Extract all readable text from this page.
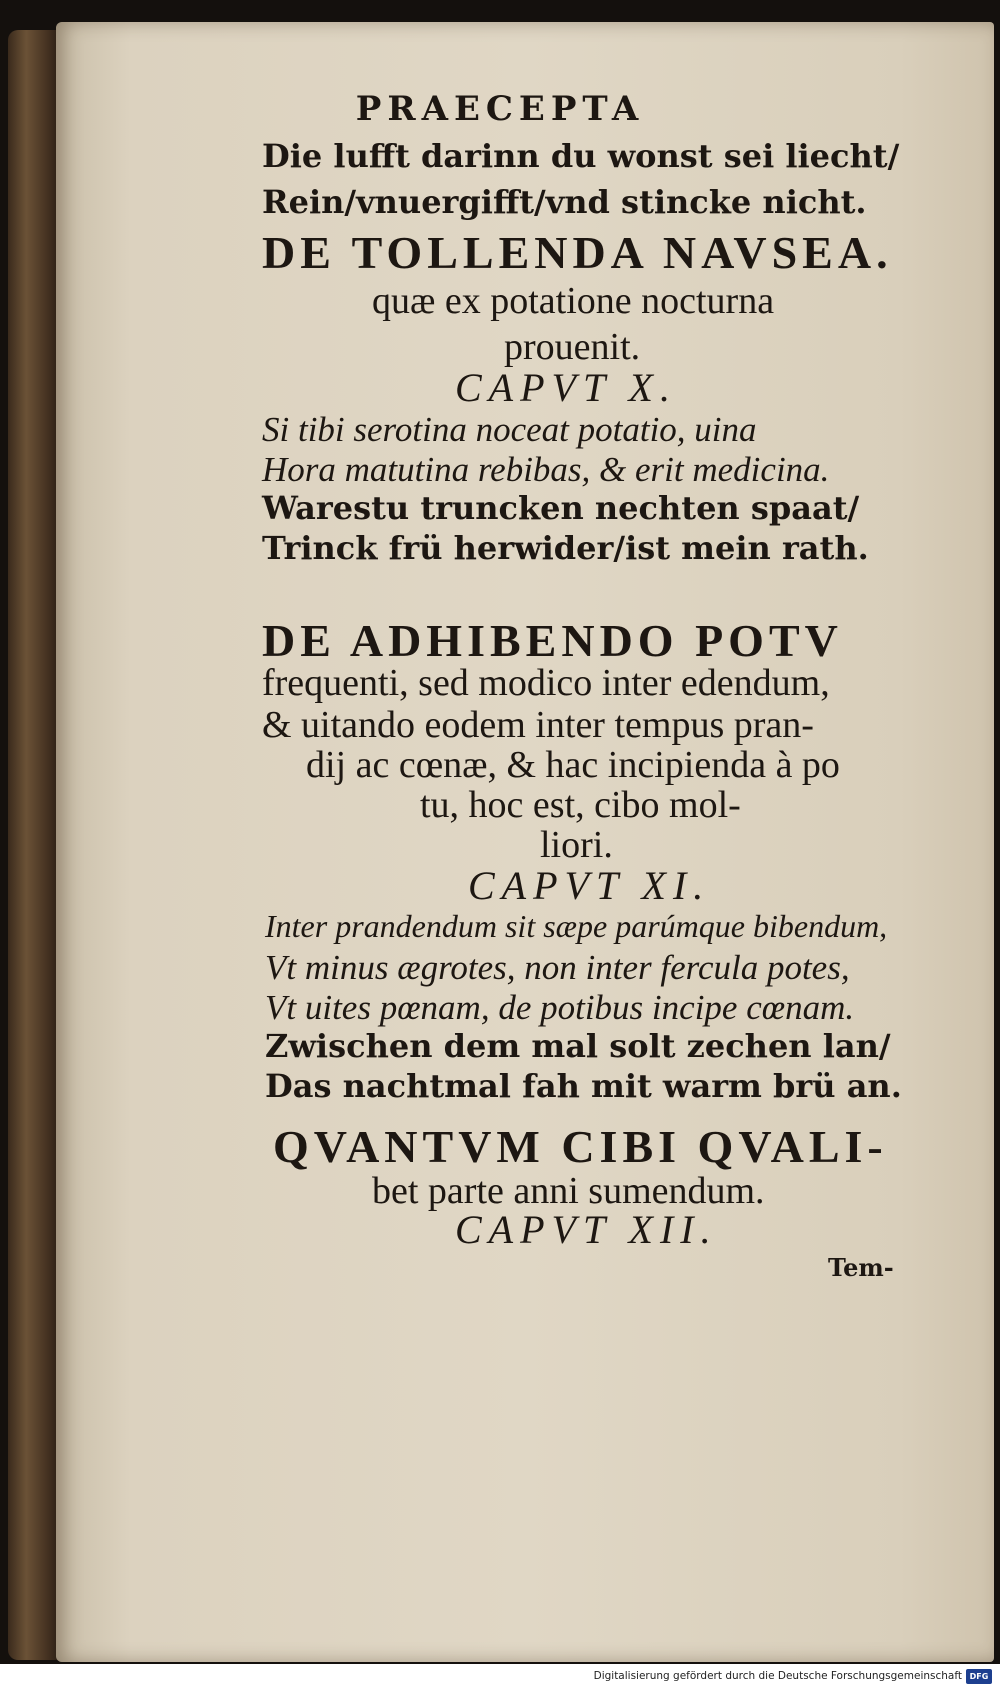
PRAECEPTA

Die lufft darinn du wonst sei liecht/

Rein/vnuergifft/vnd stincke nicht.

DE TOLLENDA NAVSEA.

quæ ex potatione nocturna

prouenit.

CAPVT X.

Si tibi serotina noceat potatio, uina

Hora matutina rebibas, & erit medicina.

Warestu truncken nechten spaat/

Trinck frü herwider/ist mein rath.

DE ADHIBENDO POTV

frequenti, sed modico inter edendum,

& uitando eodem inter tempus pran-

dij ac cœnæ, & hac incipienda à po

tu, hoc est, cibo mol-

liori.

CAPVT XI.

Inter prandendum sit sæpe parúmque bibendum,

Vt minus ægrotes, non inter fercula potes,

Vt uites pœnam, de potibus incipe cœnam.

Zwischen dem mal solt zechen lan/

Das nachtmal fah mit warm brü an.

QVANTVM CIBI QVALI-

bet parte anni sumendum.

CAPVT XII.

Tem-

Digitalisierung gefördert durch die Deutsche Forschungsgemeinschaft DFG
